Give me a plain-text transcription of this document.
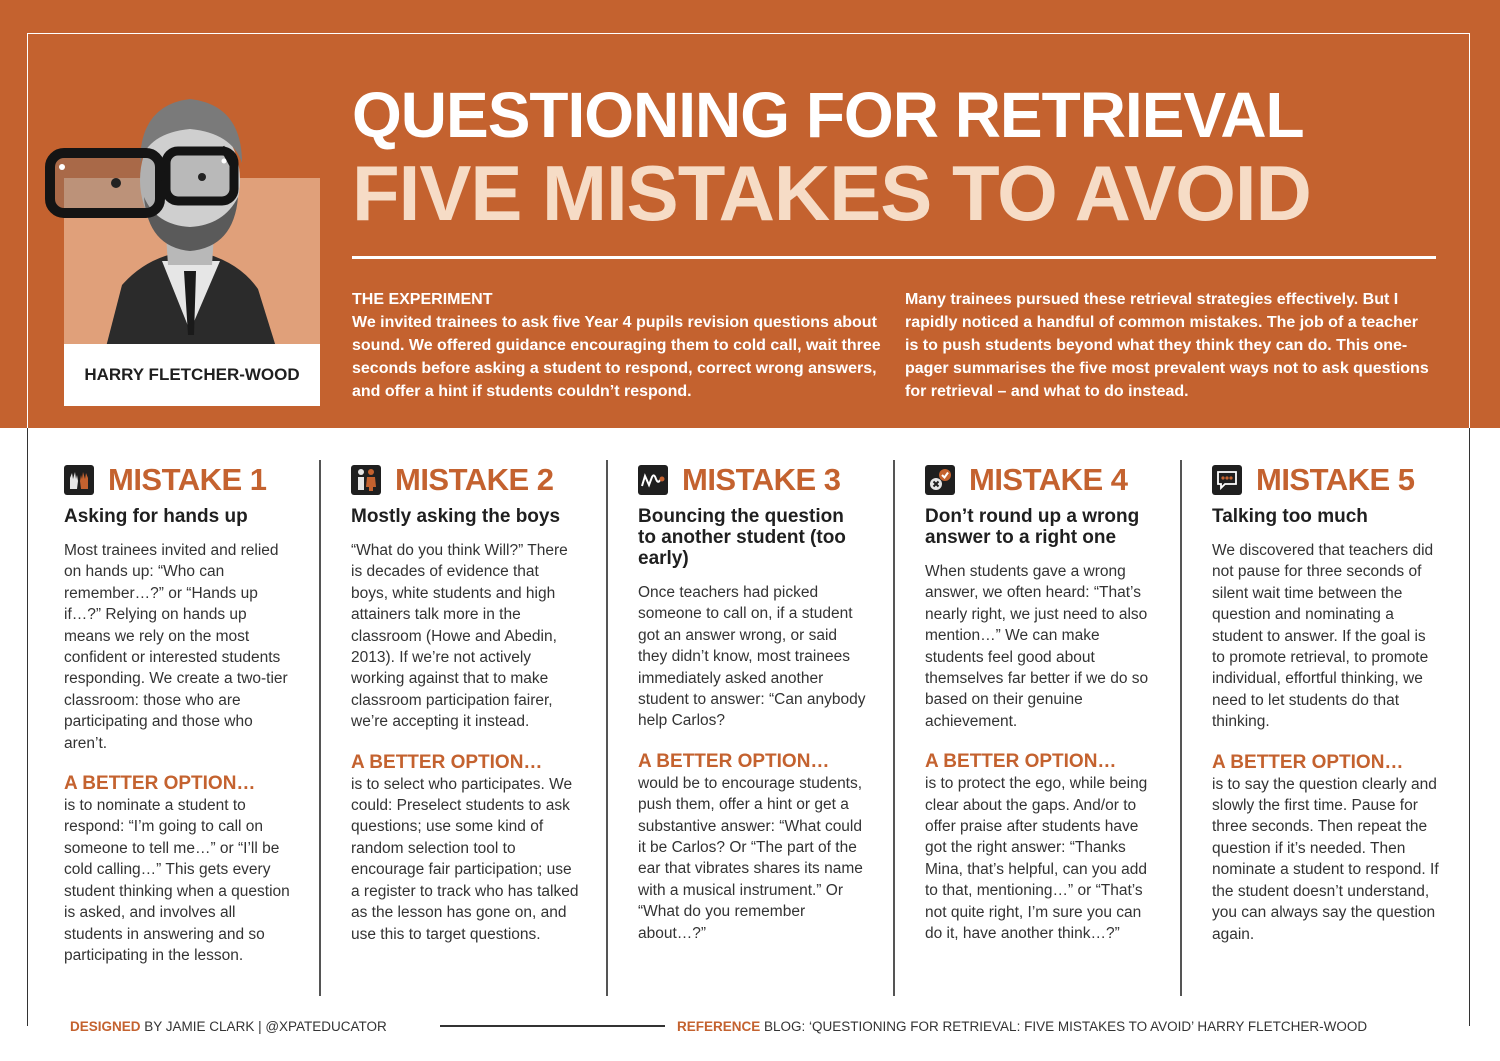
HARRY FLETCHER-WOOD
QUESTIONING FOR RETRIEVAL
FIVE MISTAKES TO AVOID
THE EXPERIMENT
We invited trainees to ask five Year 4 pupils revision questions about sound. We offered guidance encouraging them to cold call, wait three seconds before asking a student to respond, correct wrong answers, and offer a hint if students couldn’t respond.
Many trainees pursued these retrieval strategies effectively. But I rapidly noticed a handful of common mistakes. The job of a teacher is to push students beyond what they think they can do. This one-pager summarises the five most prevalent ways not to ask questions for retrieval – and what to do instead.
MISTAKE 1
Asking for hands up
Most trainees invited and relied on hands up: “Who can remember…?” or “Hands up if…?” Relying on hands up means we rely on the most confident or interested students responding. We create a two-tier classroom: those who are participating and those who aren’t.
A BETTER OPTION…
is to nominate a student to respond: “I’m going to call on someone to tell me…” or “I’ll be cold calling…” This gets every student thinking when a question is asked, and involves all students in answering and so participating in the lesson.
MISTAKE 2
Mostly asking the boys
“What do you think Will?” There is decades of evidence that boys, white students and high attainers talk more in the classroom (Howe and Abedin, 2013). If we’re not actively working against that to make classroom participation fairer, we’re accepting it instead.
A BETTER OPTION…
is to select who participates. We could: Preselect students to ask questions; use some kind of random selection tool to encourage fair participation; use a register to track who has talked as the lesson has gone on, and use this to target questions.
MISTAKE 3
Bouncing the question to another student (too early)
Once teachers had picked someone to call on, if a student got an answer wrong, or said they didn’t know, most trainees immediately asked another student to answer: “Can anybody help Carlos?
A BETTER OPTION…
would be to encourage students, push them, offer a hint or get a substantive answer: “What could it be Carlos? Or “The part of the ear that vibrates shares its name with a musical instrument.” Or “What do you remember about…?”
MISTAKE 4
Don’t round up a wrong answer to a right one
When students gave a wrong answer, we often heard: “That’s nearly right, we just need to also mention…” We can make students feel good about themselves far better if we do so based on their genuine achievement.
A BETTER OPTION…
is to protect the ego, while being clear about the gaps. And/or to offer praise after students have got the right answer: “Thanks Mina, that’s helpful, can you add to that, mentioning…” or “That’s not quite right, I’m sure you can do it, have another think…?”
MISTAKE 5
Talking too much
We discovered that teachers did not pause for three seconds of silent wait time between the question and nominating a student to answer. If the goal is to promote retrieval, to promote individual, effortful thinking, we need to let students do that thinking.
A BETTER OPTION…
is to say the question clearly and slowly the first time. Pause for three seconds. Then repeat the question if it’s needed. Then nominate a student to respond. If the student doesn’t understand, you can always say the question again.
DESIGNED BY JAMIE CLARK | @XPATEDUCATOR	REFERENCE BLOG: ‘QUESTIONING FOR RETRIEVAL: FIVE MISTAKES TO AVOID’ HARRY FLETCHER-WOOD
